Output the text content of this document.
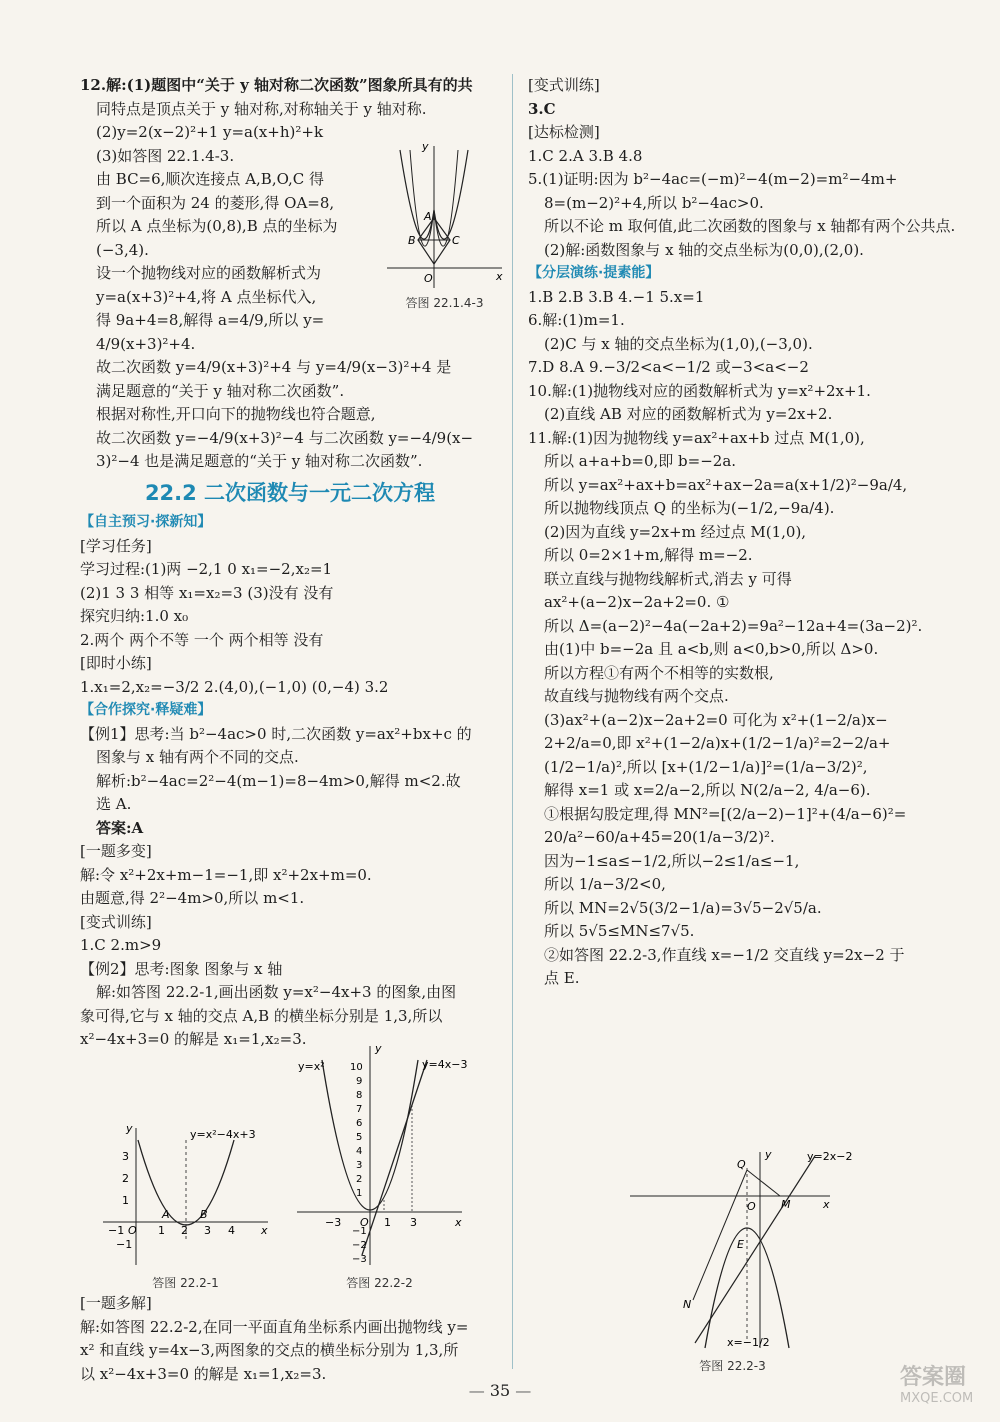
12.解:(1)题图中“关于 y 轴对称二次函数”图象所具有的共
同特点是顶点关于 y 轴对称,对称轴关于 y 轴对称.
(2)y=2(x−2)²+1 y=a(x+h)²+k
(3)如答图 22.1.4-3.
由 BC=6,顺次连接点 A,B,O,C 得
到一个面积为 24 的菱形,得 OA=8,
所以 A 点坐标为(0,8),B 点的坐标为
(−3,4).
设一个抛物线对应的函数解析式为
y=a(x+3)²+4,将 A 点坐标代入,
得 9a+4=8,解得 a=4/9,所以 y=
4/9(x+3)²+4.
故二次函数 y=4/9(x+3)²+4 与 y=4/9(x−3)²+4 是
满足题意的“关于 y 轴对称二次函数”.
根据对称性,开口向下的抛物线也符合题意,
故二次函数 y=−4/9(x+3)²−4 与二次函数 y=−4/9(x−
3)²−4 也是满足题意的“关于 y 轴对称二次函数”.
22.2 二次函数与一元二次方程
【自主预习·探新知】
[学习任务]
学习过程:(1)两 −2,1 0 x₁=−2,x₂=1
(2)1 3 3 相等 x₁=x₂=3 (3)没有 没有
探究归纳:1.0 x₀
2.两个 两个不等 一个 两个相等 没有
[即时小练]
1.x₁=2,x₂=−3/2 2.(4,0),(−1,0) (0,−4) 3.2
【合作探究·释疑难】
【例1】思考:当 b²−4ac>0 时,二次函数 y=ax²+bx+c 的
图象与 x 轴有两个不同的交点.
解析:b²−4ac=2²−4(m−1)=8−4m>0,解得 m<2.故
选 A.
答案:A
[一题多变]
解:令 x²+2x+m−1=−1,即 x²+2x+m=0.
由题意,得 2²−4m>0,所以 m<1.
[变式训练]
1.C 2.m>9
【例2】思考:图象 图象与 x 轴
解:如答图 22.2-1,画出函数 y=x²−4x+3 的图象,由图
象可得,它与 x 轴的交点 A,B 的横坐标分别是 1,3,所以
x²−4x+3=0 的解是 x₁=1,x₂=3.
[一题多解]
解:如答图 22.2-2,在同一平面直角坐标系内画出抛物线 y=
x² 和直线 y=4x−3,两图象的交点的横坐标分别为 1,3,所
以 x²−4x+3=0 的解是 x₁=1,x₂=3.
y
x
O
A
B	C
答图 22.1.4-3
y=x²−4x+3
y
x
A	B
−1 O 1 2 3 4
3
2
1
−1
答图 22.2-1
y=x²	y=4x−3
y
x
−3 O 1 3
10
9
8
7
6
5
4
3
2
1
−1
−2
−3
答图 22.2-2
[变式训练]
3.C
[达标检测]
1.C 2.A 3.B 4.8
5.(1)证明:因为 b²−4ac=(−m)²−4(m−2)=m²−4m+
8=(m−2)²+4,所以 b²−4ac>0.
所以不论 m 取何值,此二次函数的图象与 x 轴都有两个公共点.
(2)解:函数图象与 x 轴的交点坐标为(0,0),(2,0).
【分层演练·提素能】
1.B 2.B 3.B 4.−1 5.x=1
6.解:(1)m=1.
(2)C 与 x 轴的交点坐标为(1,0),(−3,0).
7.D 8.A 9.−3/2<a<−1/2 或−3<a<−2
10.解:(1)抛物线对应的函数解析式为 y=x²+2x+1.
(2)直线 AB 对应的函数解析式为 y=2x+2.
11.解:(1)因为抛物线 y=ax²+ax+b 过点 M(1,0),
所以 a+a+b=0,即 b=−2a.
所以 y=ax²+ax+b=ax²+ax−2a=a(x+1/2)²−9a/4,
所以抛物线顶点 Q 的坐标为(−1/2,−9a/4).
(2)因为直线 y=2x+m 经过点 M(1,0),
所以 0=2×1+m,解得 m=−2.
联立直线与抛物线解析式,消去 y 可得
ax²+(a−2)x−2a+2=0. ①
所以 Δ=(a−2)²−4a(−2a+2)=9a²−12a+4=(3a−2)².
由(1)中 b=−2a 且 a<b,则 a<0,b>0,所以 Δ>0.
所以方程①有两个不相等的实数根,
故直线与抛物线有两个交点.
(3)ax²+(a−2)x−2a+2=0 可化为 x²+(1−2/a)x−
2+2/a=0,即 x²+(1−2/a)x+(1/2−1/a)²=2−2/a+
(1/2−1/a)²,所以 [x+(1/2−1/a)]²=(1/a−3/2)²,
解得 x=1 或 x=2/a−2,所以 N(2/a−2, 4/a−6).
①根据勾股定理,得 MN²=[(2/a−2)−1]²+(4/a−6)²=
20/a²−60/a+45=20(1/a−3/2)².
因为−1≤a≤−1/2,所以−2≤1/a≤−1,
所以 1/a−3/2<0,
所以 MN=2√5(3/2−1/a)=3√5−2√5/a.
所以 5√5≤MN≤7√5.
②如答图 22.2-3,作直线 x=−1/2 交直线 y=2x−2 于
点 E.
y=2x−2
y
x
Q
O M
E
N
x=−1/2
答图 22.2-3
— 35 —
答案圈
MXQE.COM
